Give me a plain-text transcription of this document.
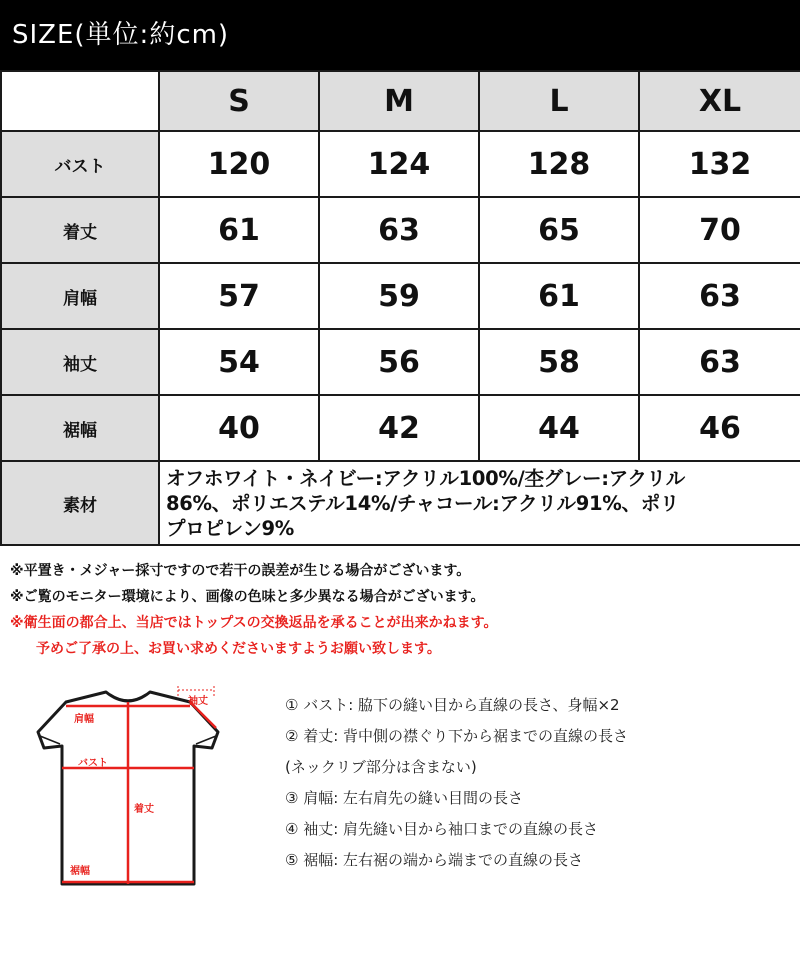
SIZE(単位:約cm)
	S	M	L	XL
バスト	120	124	128	132
着丈	61	63	65	70
肩幅	57	59	61	63
袖丈	54	56	58	63
裾幅	40	42	44	46
素材	オフホワイト・ネイビー:アクリル100%/杢グレー:アクリル
86%、ポリエステル14%/チャコール:アクリル91%、ポリ
プロピレン9%			
※平置き・メジャー採寸ですので若干の誤差が生じる場合がございます。
※ご覧のモニター環境により、画像の色味と多少異なる場合がございます。
※衛生面の都合上、当店ではトップスの交換返品を承ることが出来かねます。
予めご了承の上、お買い求めくださいますようお願い致します。
袖丈
肩幅
バスト
着丈
裾幅
① バスト: 脇下の縫い目から直線の長さ、身幅×2
② 着丈: 背中側の襟ぐり下から裾までの直線の長さ
(ネックリブ部分は含まない)
③ 肩幅: 左右肩先の縫い目間の長さ
④ 袖丈: 肩先縫い目から袖口までの直線の長さ
⑤ 裾幅: 左右裾の端から端までの直線の長さ
